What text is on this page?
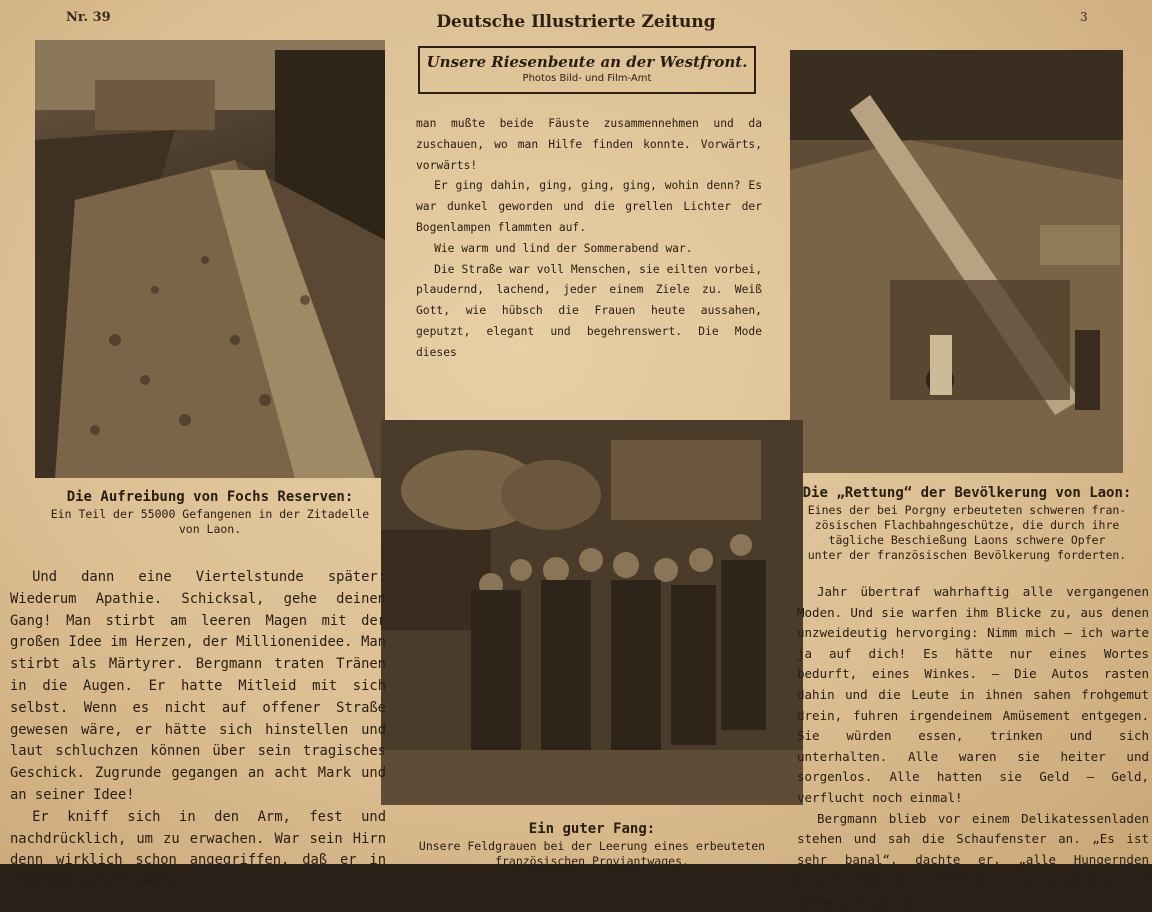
Nr. 39	Deutsche Illustrierte Zeitung	3
Die Aufreibung von Fochs Reserven:
Ein Teil der 55000 Gefangenen in der Zitadelle
von Laon.
Unsere Riesenbeute an der Westfront.
Photos Bild- und Film-Amt

man mußte beide Fäuste zusammennehmen und da zuschauen, wo man Hilfe finden konnte. Vorwärts, vorwärts!

Er ging dahin, ging, ging, ging, wohin denn? Es war dunkel geworden und die grellen Lichter der Bogenlampen flammten auf.

Wie warm und lind der Sommerabend war.

Die Straße war voll Menschen, sie eilten vorbei, plaudernd, lachend, jeder einem Ziele zu. Weiß Gott, wie hübsch die Frauen heute aussahen, geputzt, elegant und begehrenswert. Die Mode dieses

Die „Rettung“ der Bevölkerung von Laon:
Eines der bei Porgny erbeuteten schweren fran-
zösischen Flachbahngeschütze, die durch ihre
tägliche Beschießung Laons schwere Opfer
unter der französischen Bevölkerung forderten.
Ein guter Fang:
Unsere Feldgrauen bei der Leerung eines erbeuteten
französischen Proviantwages.

Und dann eine Viertelstunde später: Wiederum Apathie. Schicksal, gehe deinen Gang! Man stirbt am leeren Magen mit der großen Idee im Herzen, der Millionenidee. Man stirbt als Märtyrer. Bergmann traten Tränen in die Augen. Er hatte Mitleid mit sich selbst. Wenn es nicht auf offener Straße gewesen wäre, er hätte sich hinstellen und laut schluchzen können über sein tragisches Geschick. Zugrunde gegangen an acht Mark und an seiner Idee!

Er kniff sich in den Arm, fest und nachdrücklich, um zu erwachen. War sein Hirn denn wirklich schon angegriffen, daß er in verlegener Sentimen-

Jahr übertraf wahrhaftig alle vergangenen Moden. Und sie warfen ihm Blicke zu, aus denen unzweideutig hervorging: Nimm mich – ich warte ja auf dich! Es hätte nur eines Wortes bedurft, eines Winkes. – Die Autos rasten dahin und die Leute in ihnen sahen frohgemut drein, fuhren irgendeinem Amüsement entgegen. Sie würden essen, trinken und sich unterhalten. Alle waren sie heiter und sorgenlos. Alle hatten sie Geld – Geld, verflucht noch einmal!

Bergmann blieb vor einem Delikatessenladen stehen und sah die Schaufenster an. „Es ist sehr banal“, dachte er, „alle Hungernden stellen sich vor Delikatessengeschäfte – aber warum sollte ich
